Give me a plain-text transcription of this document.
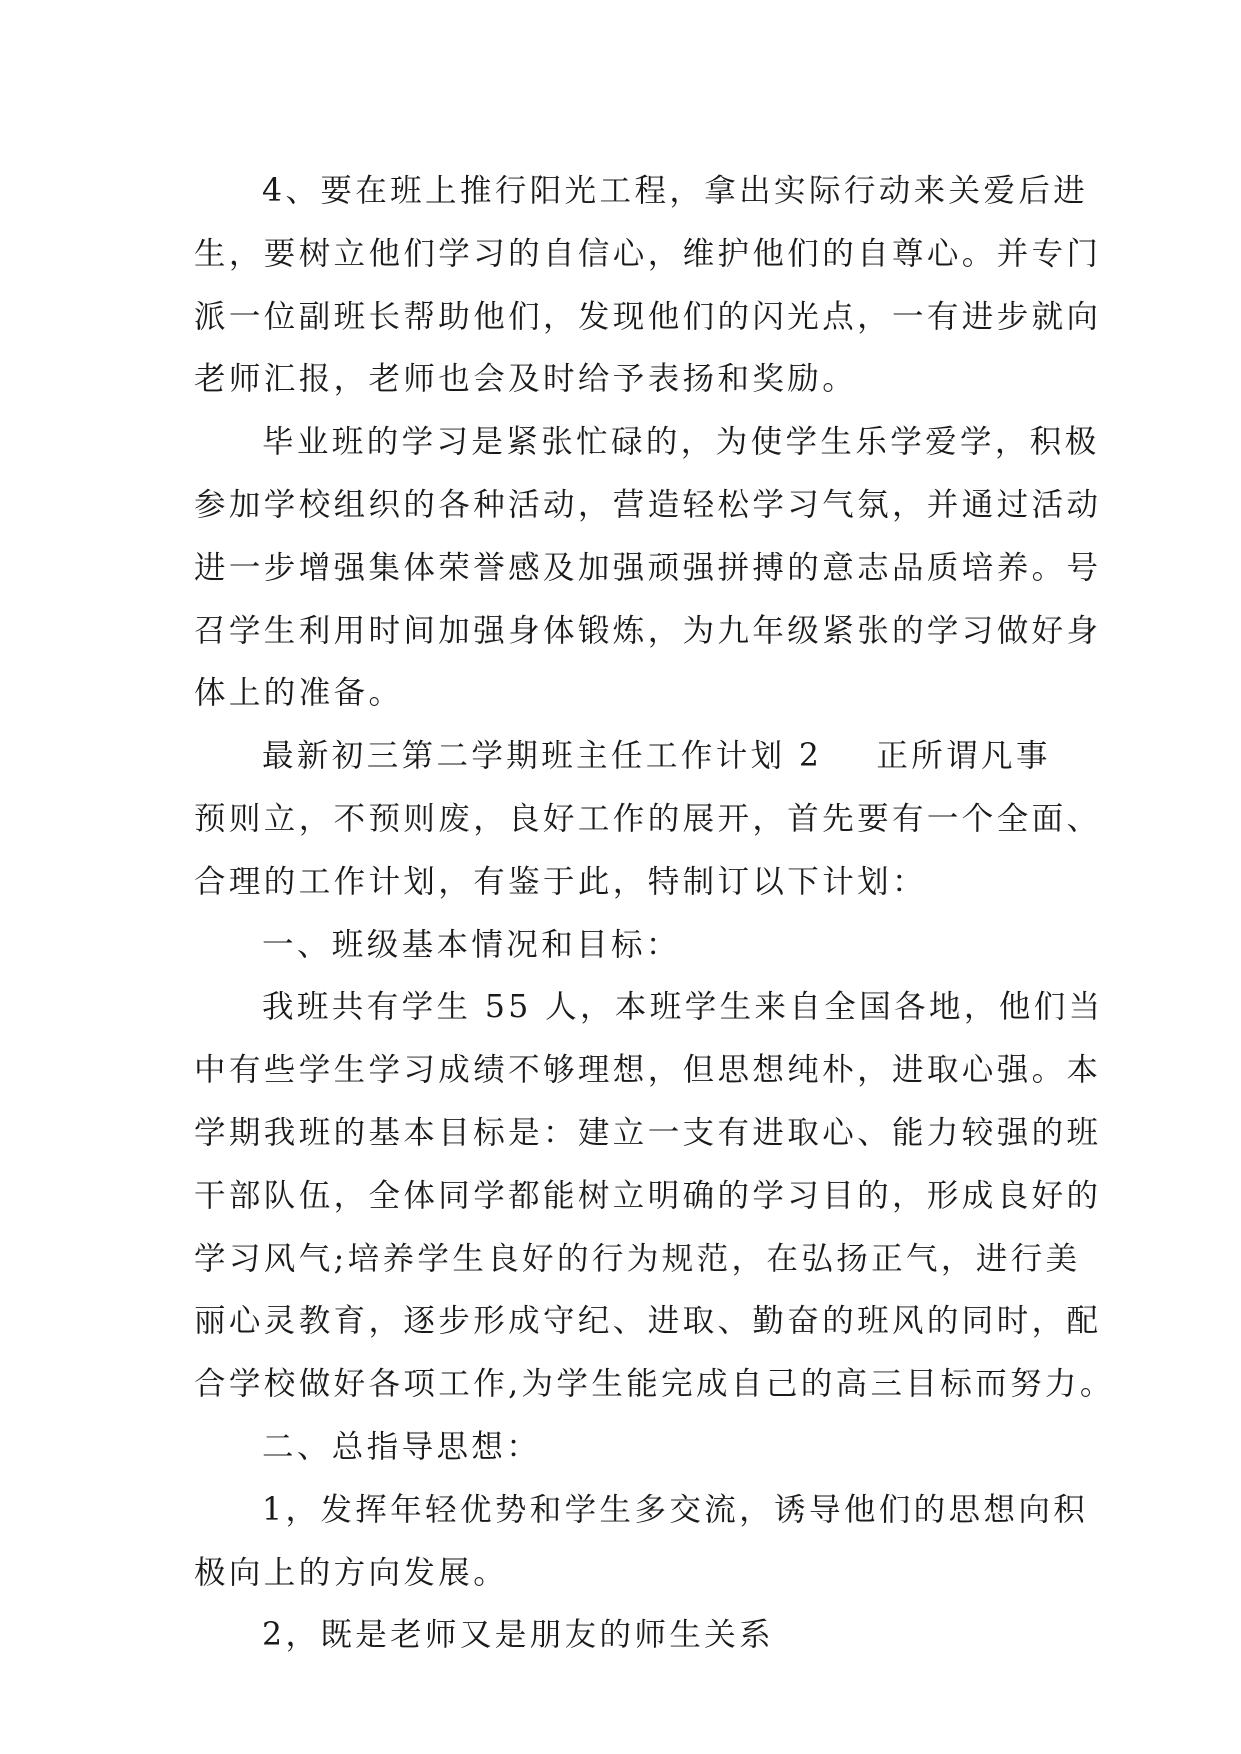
4、要在班上推行阳光工程，拿出实际行动来关爱后进
生，要树立他们学习的自信心，维护他们的自尊心。并专门
派一位副班长帮助他们，发现他们的闪光点，一有进步就向
老师汇报，老师也会及时给予表扬和奖励。
毕业班的学习是紧张忙碌的，为使学生乐学爱学，积极
参加学校组织的各种活动，营造轻松学习气氛，并通过活动
进一步增强集体荣誉感及加强顽强拼搏的意志品质培养。号
召学生利用时间加强身体锻炼，为九年级紧张的学习做好身
体上的准备。
最新初三第二学期班主任工作计划 2 正所谓凡事
预则立，不预则废，良好工作的展开，首先要有一个全面、
合理的工作计划，有鉴于此，特制订以下计划：
一、班级基本情况和目标：
我班共有学生 55 人，本班学生来自全国各地，他们当
中有些学生学习成绩不够理想，但思想纯朴，进取心强。本
学期我班的基本目标是：建立一支有进取心、能力较强的班
干部队伍，全体同学都能树立明确的学习目的，形成良好的
学习风气;培养学生良好的行为规范，在弘扬正气，进行美
丽心灵教育，逐步形成守纪、进取、勤奋的班风的同时，配
合学校做好各项工作,为学生能完成自己的高三目标而努力。
二、总指导思想：
1，发挥年轻优势和学生多交流，诱导他们的思想向积
极向上的方向发展。
2，既是老师又是朋友的师生关系
